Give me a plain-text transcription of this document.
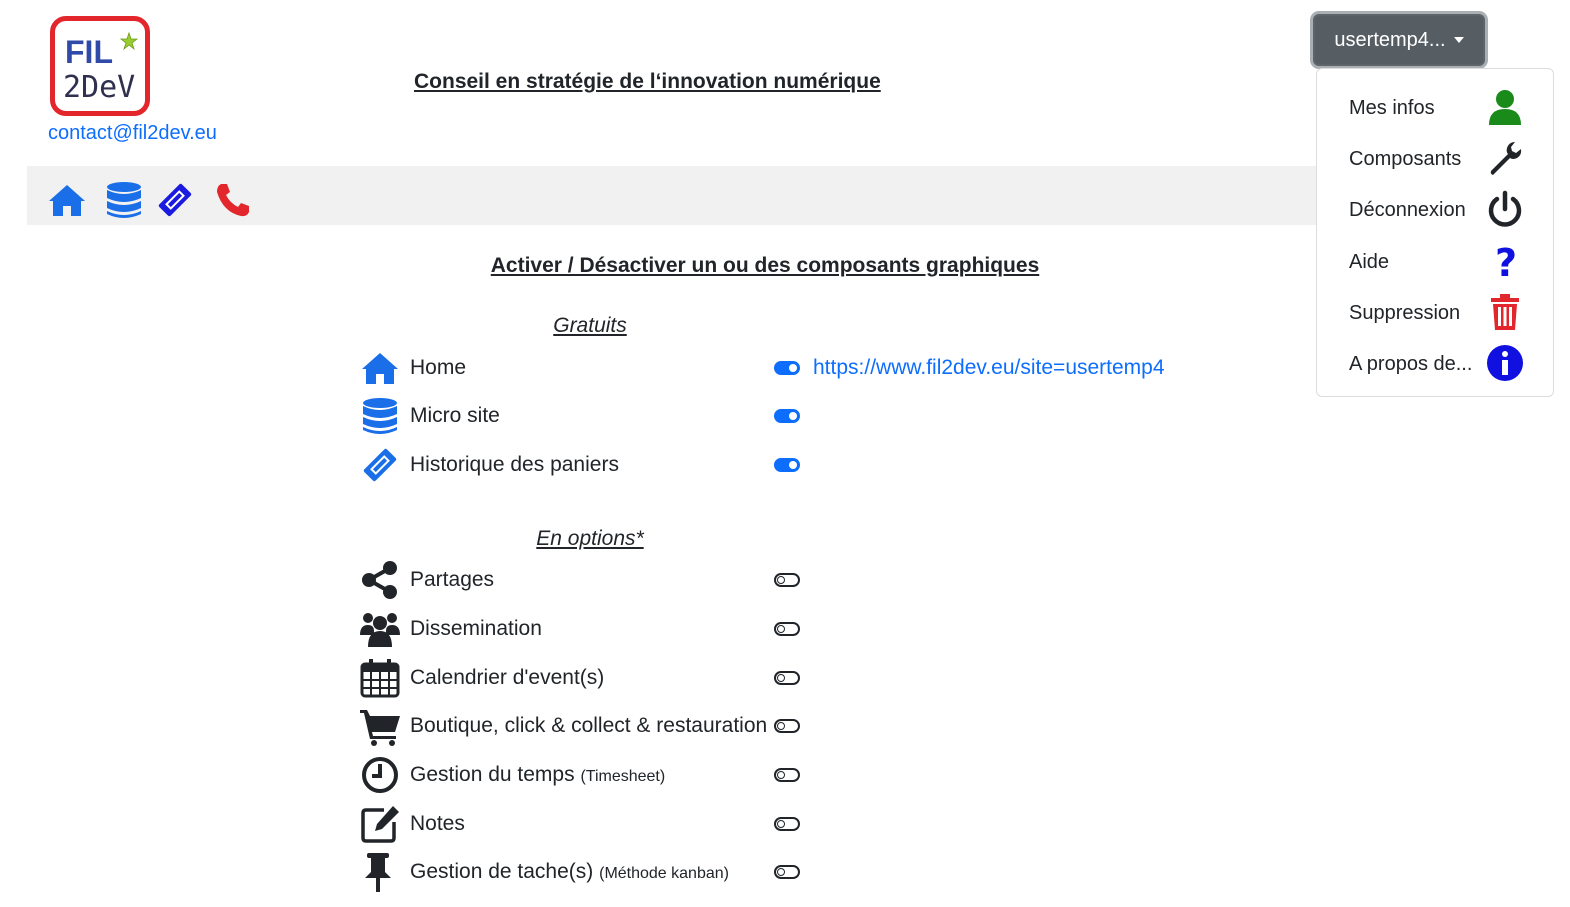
FIL
2DeV
contact@fil2dev.eu
Conseil en stratégie de l‘innovation numérique
usertemp4...
Mes infos
Composants
Déconnexion
Aide	?
Suppression
A propos de...
Activer / Désactiver un ou des composants graphiques
Gratuits
Home	https://www.fil2dev.eu/site=usertemp4
Micro site
Historique des paniers
En options*
Partages
Dissemination
Calendrier d'event(s)
Boutique, click & collect & restauration
Gestion du temps (Timesheet)
Notes
Gestion de tache(s) (Méthode kanban)
